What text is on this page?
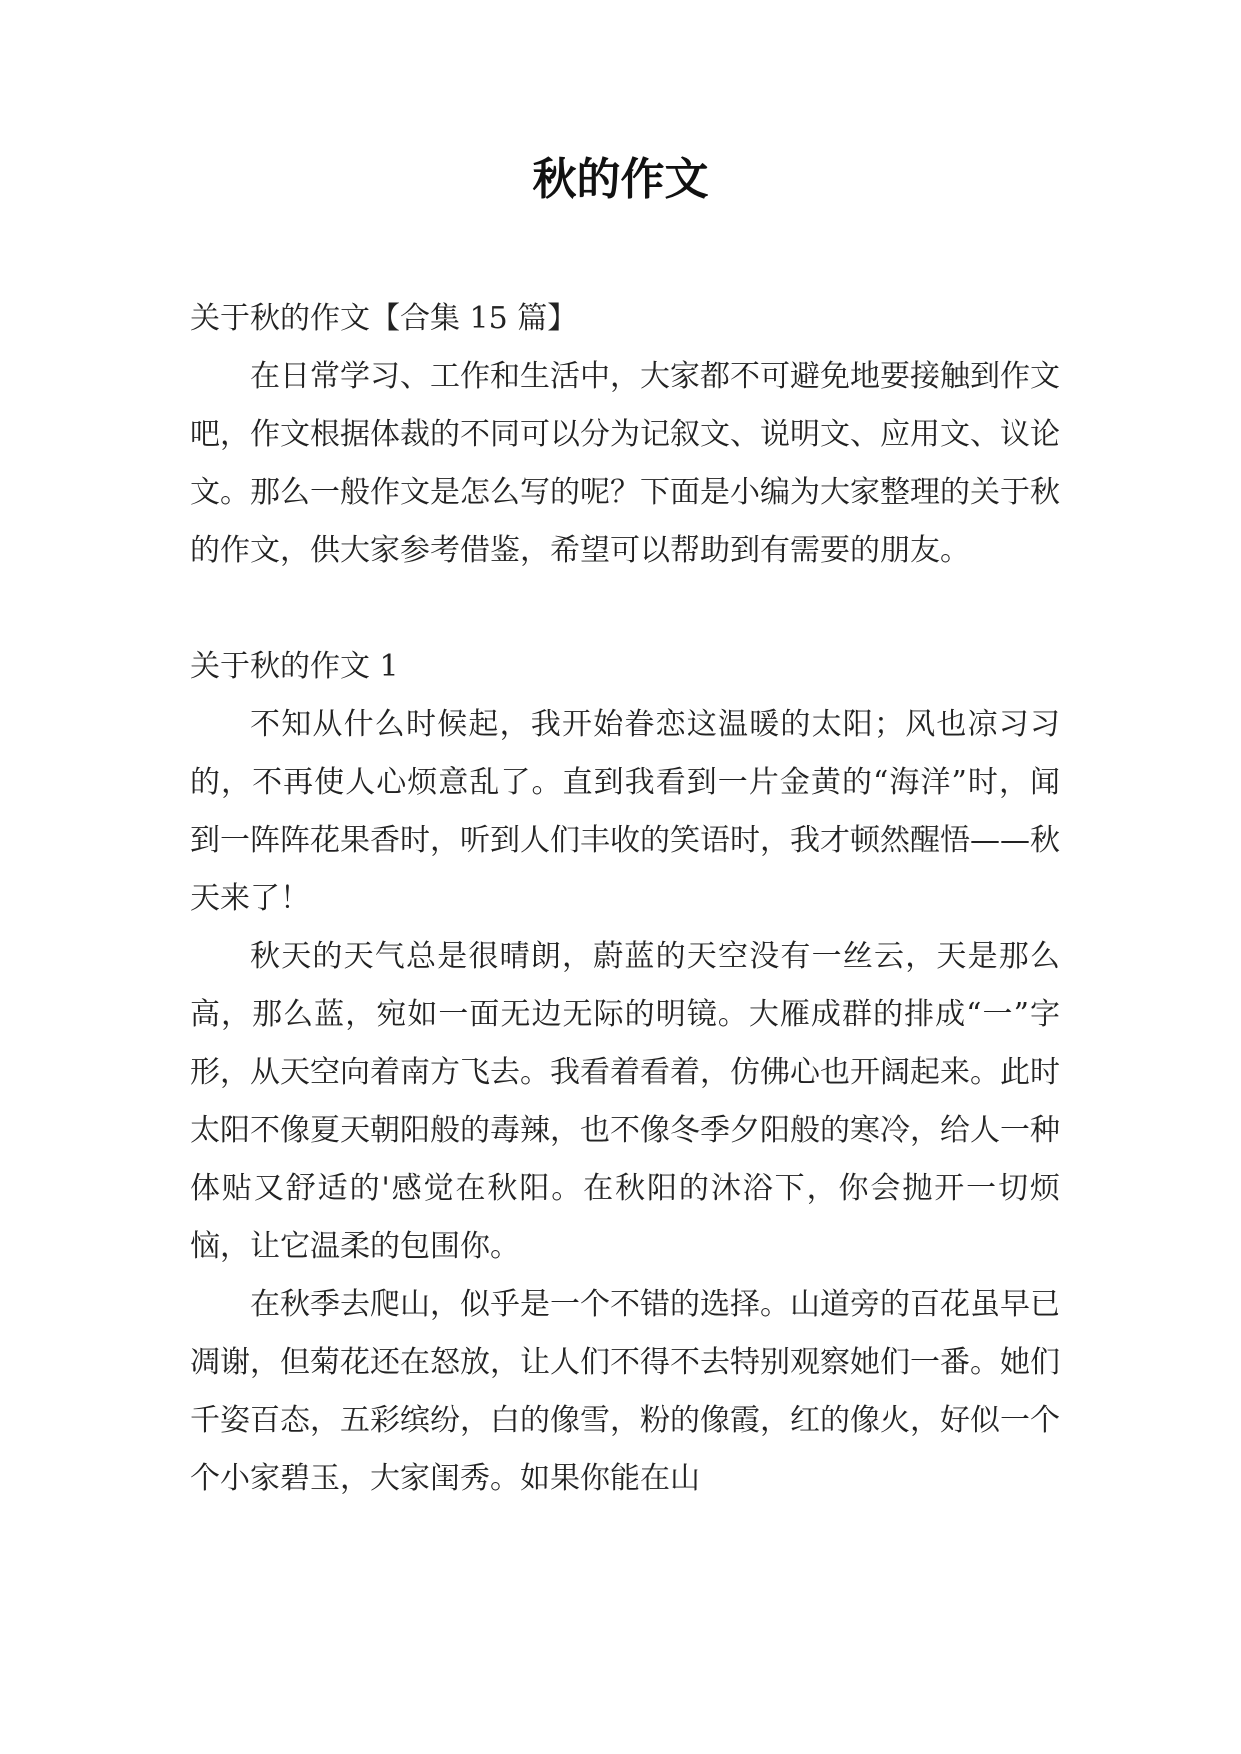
秋的作文
关于秋的作文【合集 15 篇】

在日常学习、工作和生活中，大家都不可避免地要接触到作文吧，作文根据体裁的不同可以分为记叙文、说明文、应用文、议论文。那么一般作文是怎么写的呢？下面是小编为大家整理的关于秋的作文，供大家参考借鉴，希望可以帮助到有需要的朋友。

关于秋的作文 1

不知从什么时候起，我开始眷恋这温暖的太阳；风也凉习习的，不再使人心烦意乱了。直到我看到一片金黄的“海洋”时，闻到一阵阵花果香时，听到人们丰收的笑语时，我才顿然醒悟——秋天来了！

秋天的天气总是很晴朗，蔚蓝的天空没有一丝云，天是那么高，那么蓝，宛如一面无边无际的明镜。大雁成群的排成“一”字形，从天空向着南方飞去。我看着看着，仿佛心也开阔起来。此时太阳不像夏天朝阳般的毒辣，也不像冬季夕阳般的寒冷，给人一种体贴又舒适的'感觉在秋阳。在秋阳的沐浴下，你会抛开一切烦恼，让它温柔的包围你。

在秋季去爬山，似乎是一个不错的选择。山道旁的百花虽早已凋谢，但菊花还在怒放，让人们不得不去特别观察她们一番。她们千姿百态，五彩缤纷，白的像雪，粉的像霞，红的像火，好似一个个小家碧玉，大家闺秀。如果你能在山
